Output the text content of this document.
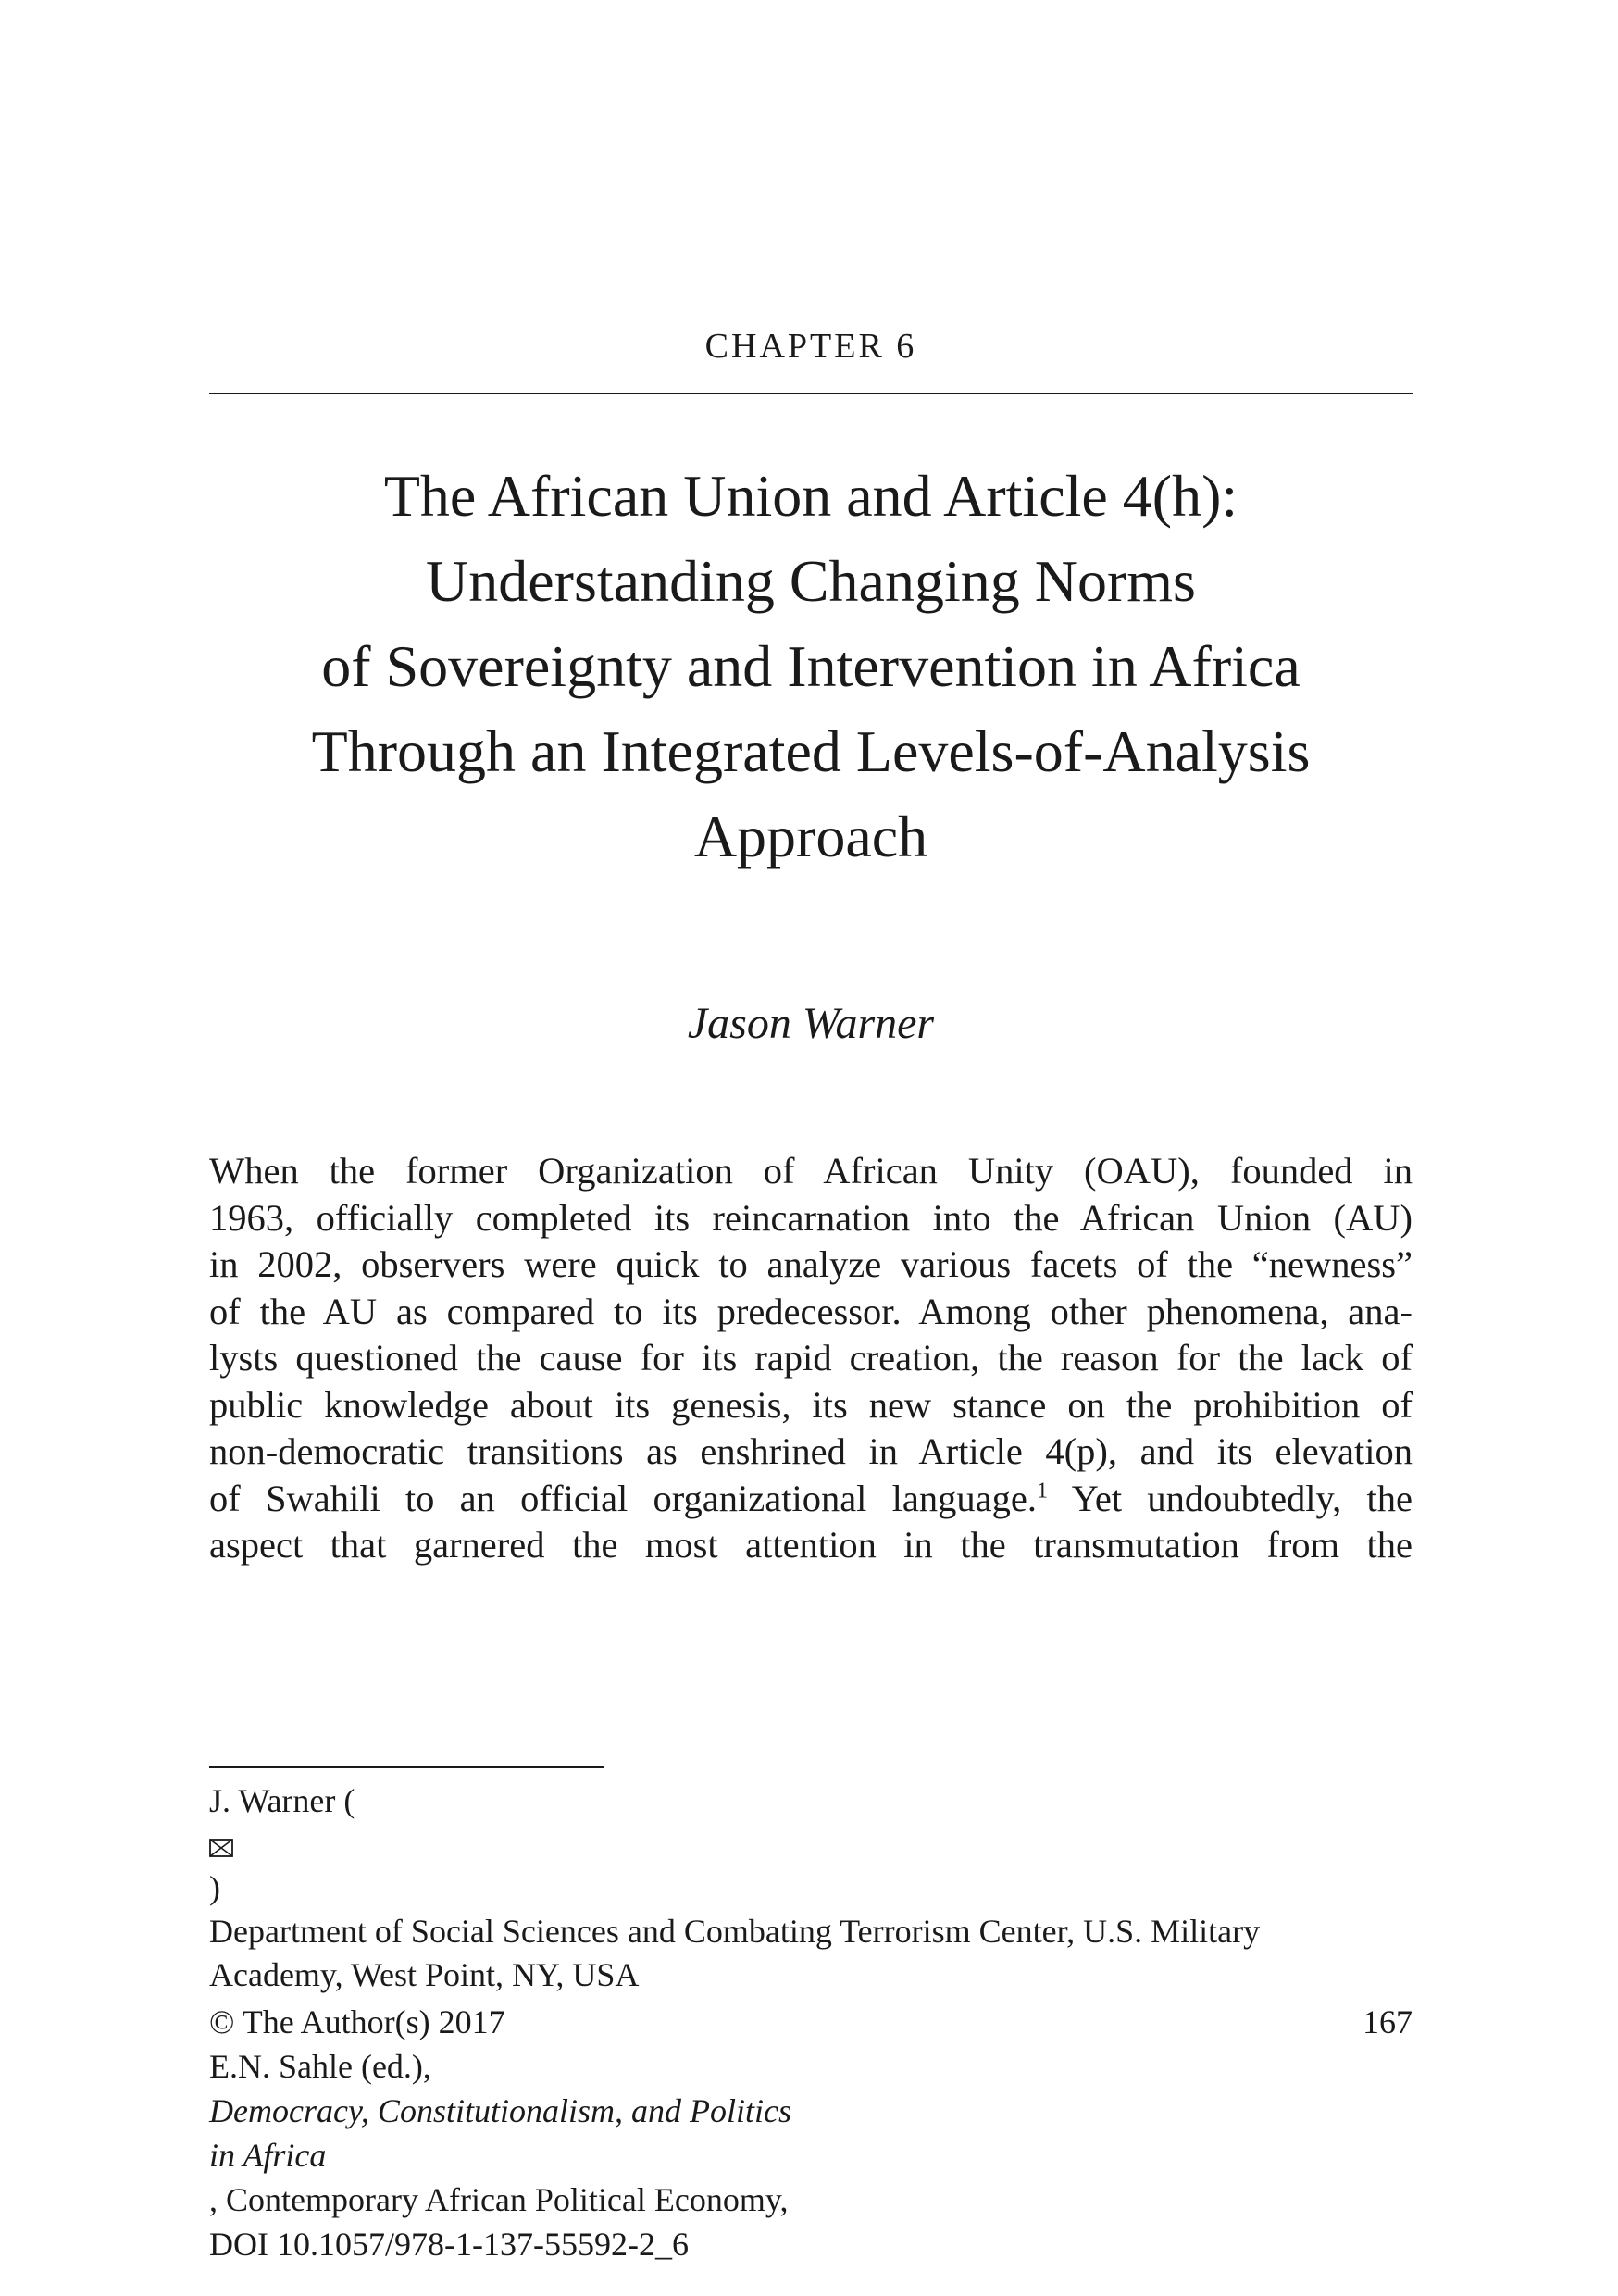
CHAPTER 6
The African Union and Article 4(h):
Understanding Changing Norms
of Sovereignty and Intervention in Africa
Through an Integrated Levels-of-Analysis
Approach
Jason Warner

When the former Organization of African Unity (OAU), founded in
1963, officially completed its reincarnation into the African Union (AU)
in 2002, observers were quick to analyze various facets of the “newness”
of the AU as compared to its predecessor. Among other phenomena, ana-
lysts questioned the cause for its rapid creation, the reason for the lack of
public knowledge about its genesis, its new stance on the prohibition of
non-democratic transitions as enshrined in Article 4(p), and its elevation
of Swahili to an official organizational language.$^1$ Yet undoubtedly, the
aspect that garnered the most attention in the transmutation from the

J. Warner (
)
Department of Social Sciences and Combating Terrorism Center, U.S. Military
Academy, West Point, NY, USA
© The Author(s) 2017
E.N. Sahle (ed.),
Democracy, Constitutionalism, and Politics
in Africa
, Contemporary African Political Economy,
DOI 10.1057/978-1-137-55592-2_6
167
